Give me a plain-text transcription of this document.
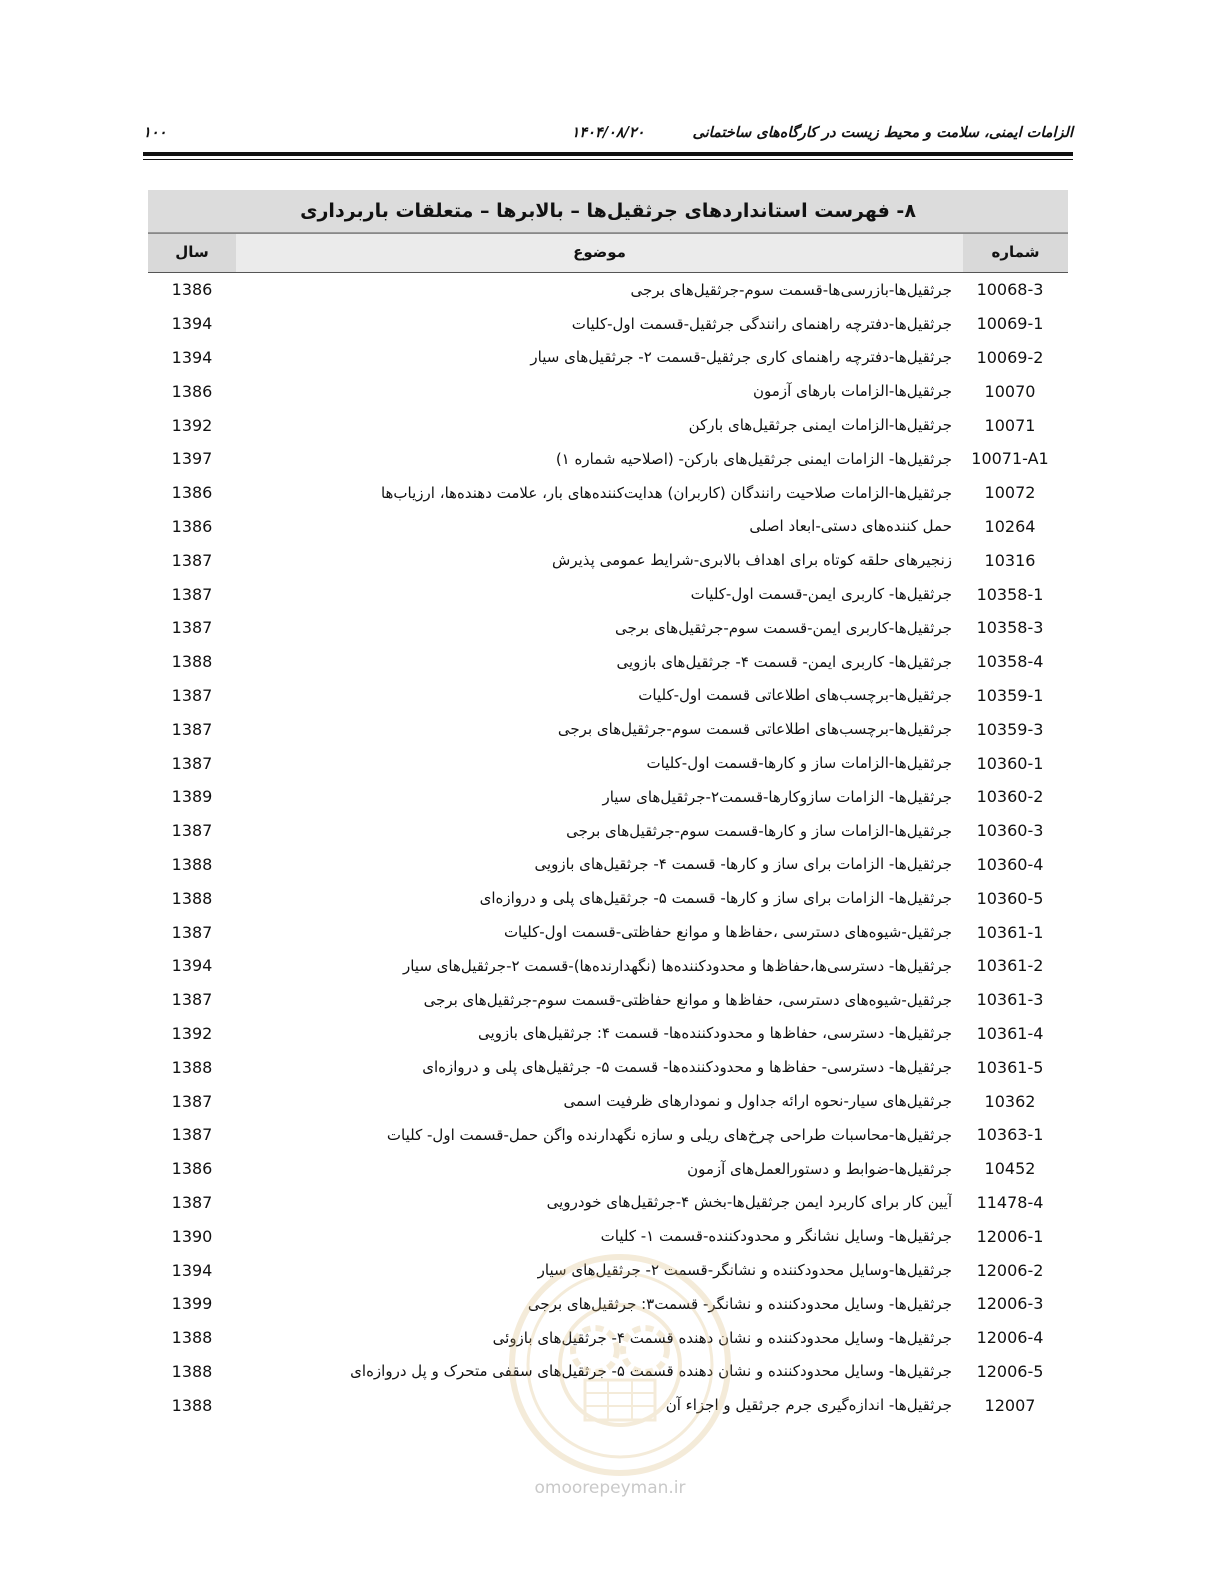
الزامات ایمنی، سلامت و محیط زیست در کارگاه‌های ساختمانی
۱۴۰۴/۰۸/۲۰
۱۰۰
۸- فهرست استانداردهای جرثقیل‌ها – بالابرها – متعلقات باربرداری
شماره
موضوع
سال
10068-3
جرثقیل‌ها-بازرسی‌ها-قسمت سوم-جرثقیل‌های برجی
1386
10069-1
جرثقیل‌ها-دفترچه راهنمای رانندگی جرثقیل-قسمت اول-کلیات
1394
10069-2
جرثقیل‌ها-دفترچه راهنمای کاری جرثقیل-قسمت ۲- جرثقیل‌های سیار
1394
10070
جرثقیل‌ها-الزامات بارهای آزمون
1386
10071
جرثقیل‌ها-الزامات ایمنی جرثقیل‌های بارکن
1392
10071-A1
جرثقیل‌ها- الزامات ایمنی جرثقیل‌های بارکن- (اصلاحیه شماره ۱)
1397
10072
جرثقیل‌ها-الزامات صلاحیت رانندگان (کاربران) هدایت‌کننده‌های بار، علامت دهنده‌ها، ارزیاب‌ها
1386
10264
حمل کننده‌های دستی-ابعاد اصلی
1386
10316
زنجیرهای حلقه کوتاه برای اهداف بالابری-شرایط عمومی پذیرش
1387
10358-1
جرثقیل‌ها- کاربری ایمن-قسمت اول-کلیات
1387
10358-3
جرثقیل‌ها-کاربری ایمن-قسمت سوم-جرثقیل‌های برجی
1387
10358-4
جرثقیل‌ها- کاربری ایمن- قسمت ۴- جرثقیل‌های بازویی
1388
10359-1
جرثقیل‌ها-برچسب‌های اطلاعاتی قسمت اول-کلیات
1387
10359-3
جرثقیل‌ها-برچسب‌های اطلاعاتی قسمت سوم-جرثقیل‌های برجی
1387
10360-1
جرثقیل‌ها-الزامات ساز و کارها-قسمت اول-کلیات
1387
10360-2
جرثقیل‌ها- الزامات سازوکارها-قسمت۲-جرثقیل‌های سیار
1389
10360-3
جرثقیل‌ها-الزامات ساز و کارها-قسمت سوم-جرثقیل‌های برجی
1387
10360-4
جرثقیل‌ها- الزامات برای ساز و کارها- قسمت ۴- جرثقیل‌های بازویی
1388
10360-5
جرثقیل‌ها- الزامات برای ساز و کارها- قسمت ۵- جرثقیل‌های پلی و دروازه‌ای
1388
10361-1
جرثقیل-شیوه‌های دسترسی ،حفاظ‌ها و موانع حفاظتی-قسمت اول-کلیات
1387
10361-2
جرثقیل‌ها- دسترسی‌ها،حفاظ‌ها و محدودکننده‌ها (نگهدارنده‌ها)-قسمت ۲-جرثقیل‌های سیار
1394
10361-3
جرثقیل-شیوه‌های دسترسی، حفاظ‌ها و موانع حفاظتی-قسمت سوم-جرثقیل‌های برجی
1387
10361-4
جرثقیل‌ها- دسترسی، حفاظ‌ها و محدودکننده‌ها- قسمت ۴: جرثقیل‌های بازویی
1392
10361-5
جرثقیل‌ها- دسترسی- حفاظ‌ها و محدودکننده‌ها- قسمت ۵- جرثقیل‌های پلی و دروازه‌ای
1388
10362
جرثقیل‌های سیار-نحوه ارائه جداول و نمودارهای ظرفیت اسمی
1387
10363-1
جرثقیل‌ها-محاسبات طراحی چرخ‌های ریلی و سازه نگهدارنده واگن حمل-قسمت اول- کلیات
1387
10452
جرثقیل‌ها-ضوابط و دستورالعمل‌های آزمون
1386
11478-4
آیین کار برای کاربرد ایمن جرثقیل‌ها-بخش ۴-جرثقیل‌های خودرویی
1387
12006-1
جرثقیل‌ها- وسایل نشانگر و محدودکننده-قسمت ۱- کلیات
1390
12006-2
جرثقیل‌ها-وسایل محدودکننده و نشانگر-قسمت ۲- جرثقیل‌های سیار
1394
12006-3
جرثقیل‌ها- وسایل محدودکننده و نشانگر- قسمت۳: جرثقیل‌های برجی
1399
12006-4
جرثقیل‌ها- وسایل محدودکننده و نشان دهنده قسمت ۴- جرثقیل‌های بازوئی
1388
12006-5
جرثقیل‌ها- وسایل محدودکننده و نشان دهنده قسمت ۵- جرثقیل‌های سقفی متحرک و پل دروازه‌ای
1388
12007
جرثقیل‌ها- اندازه‌گیری جرم جرثقیل و اجزاء آن
1388
omoorepeyman.ir
